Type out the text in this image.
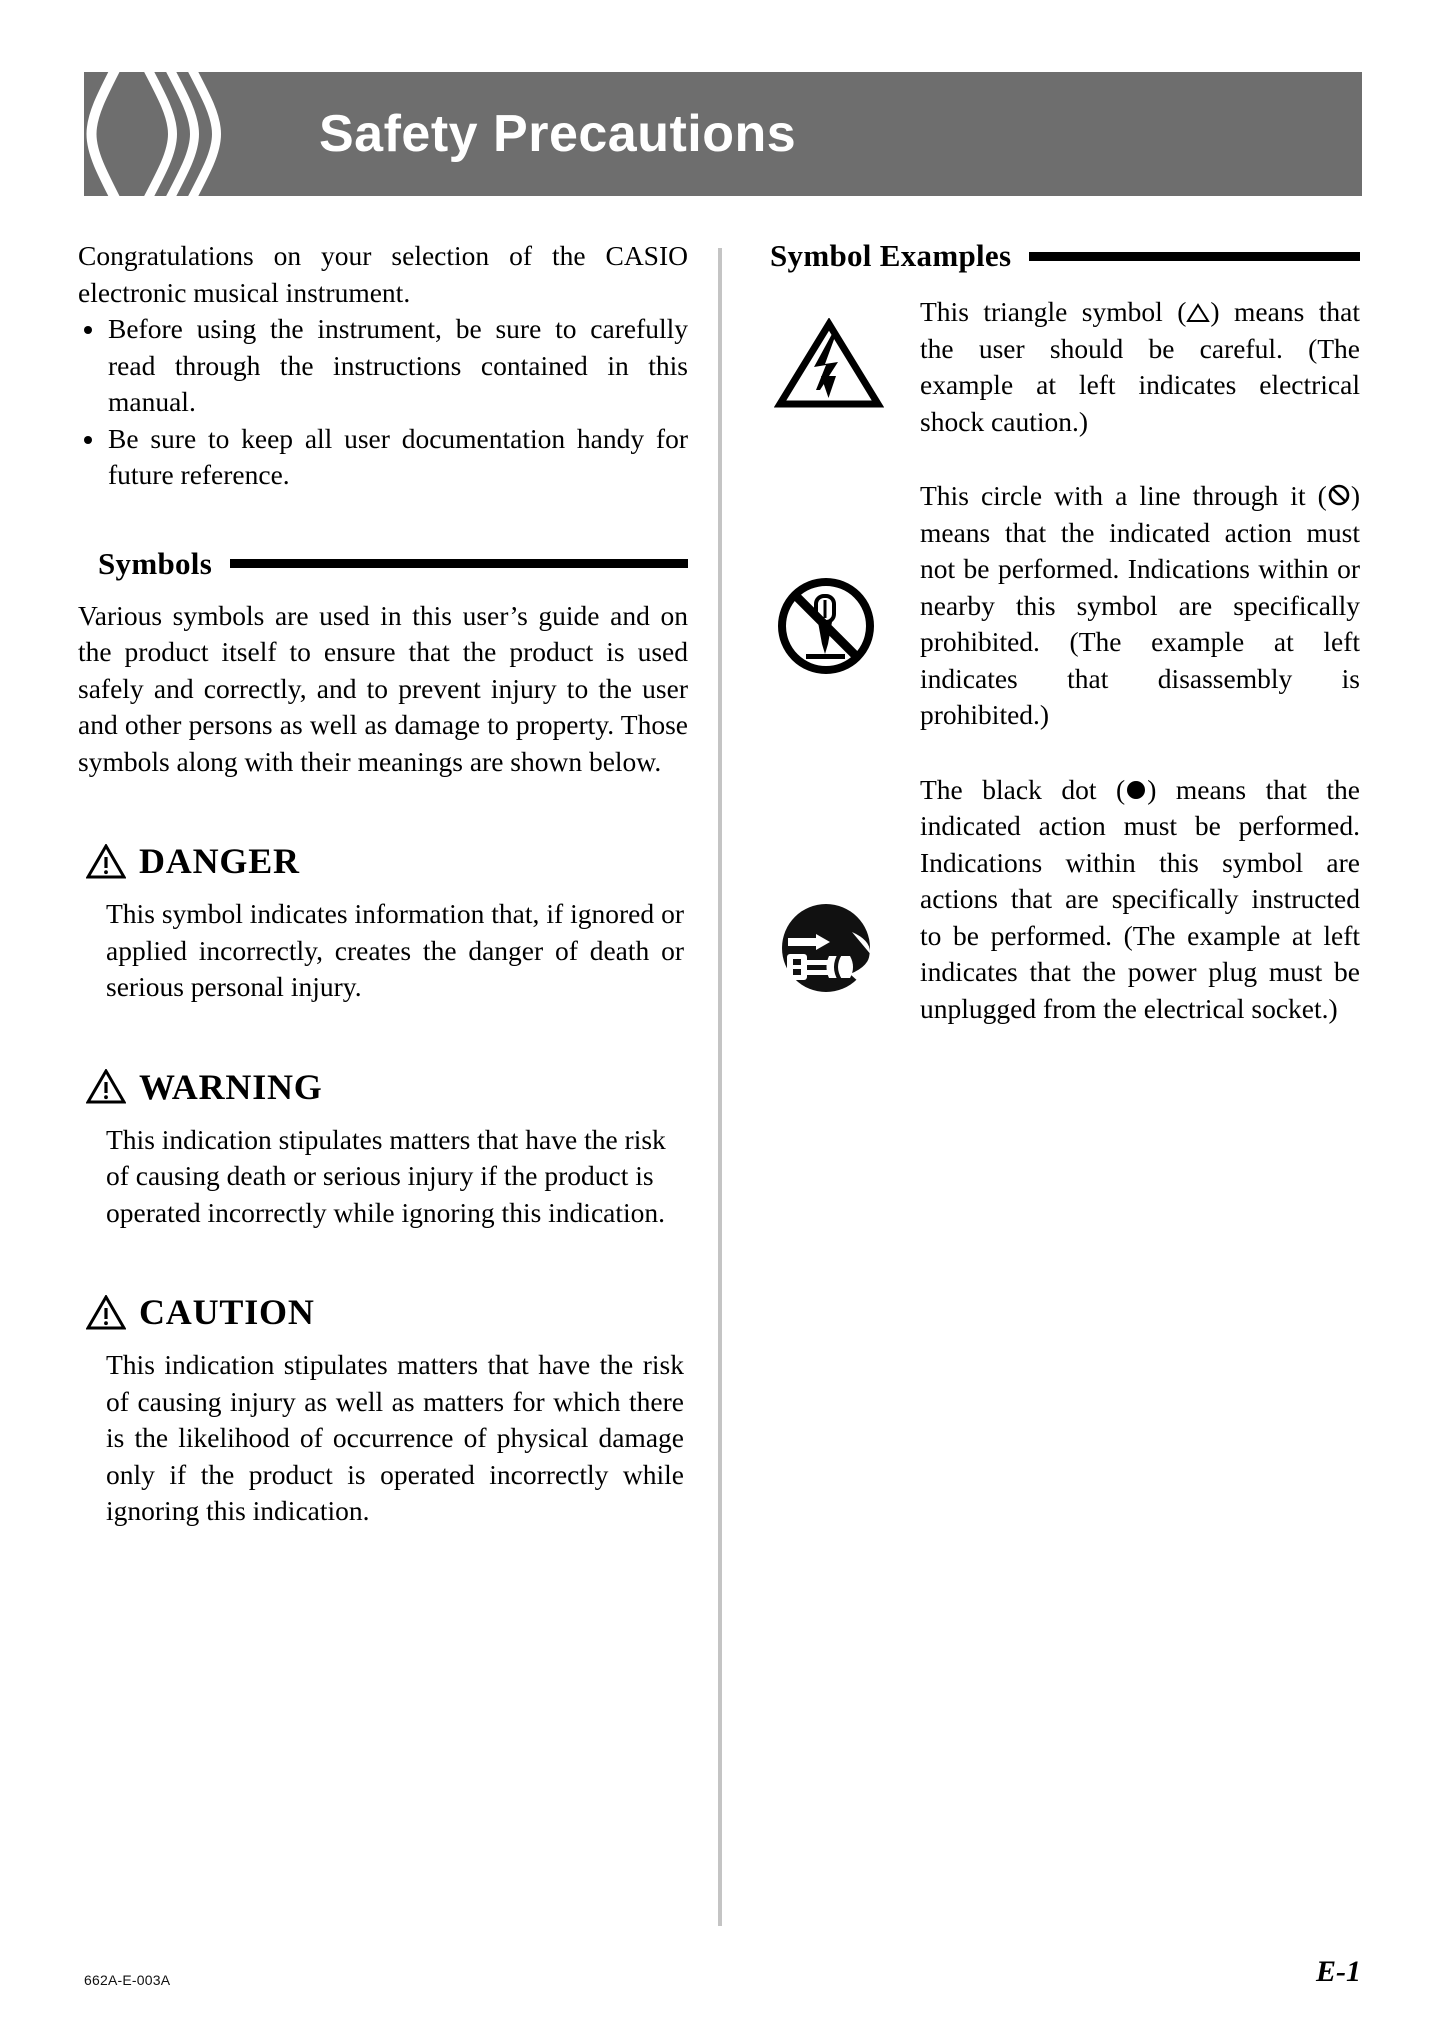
Safety Precautions

Congratulations on your selection of the CASIO electronic musical instrument.

Before using the instrument, be sure to carefully read through the instructions contained in this manual.
Be sure to keep all user documentation handy for future reference.
Symbols

Various symbols are used in this user’s guide and on the product itself to ensure that the product is used safely and correctly, and to prevent injury to the user and other persons as well as damage to property. Those symbols along with their meanings are shown below.

DANGER

This symbol indicates information that, if ignored or applied incorrectly, creates the danger of death or serious personal injury.

WARNING

This indication stipulates matters that have the risk of causing death or serious injury if the product is operated incorrectly while ignoring this indication.

CAUTION

This indication stipulates matters that have the risk of causing injury as well as matters for which there is the likelihood of occurrence of physical damage only if the product is operated incorrectly while ignoring this indication.

Symbol Examples
This triangle symbol ( ) means that the user should be careful. (The example at left indicates electrical shock caution.)
This circle with a line through it ( ) means that the indicated action must not be performed. Indications within or nearby this symbol are specifically prohibited. (The example at left indicates that disassembly is prohibited.)
The black dot ( ) means that the indicated action must be performed. Indications within this symbol are actions that are specifically instructed to be performed. (The example at left indicates that the power plug must be unplugged from the electrical socket.)
662A-E-003A	E-1
